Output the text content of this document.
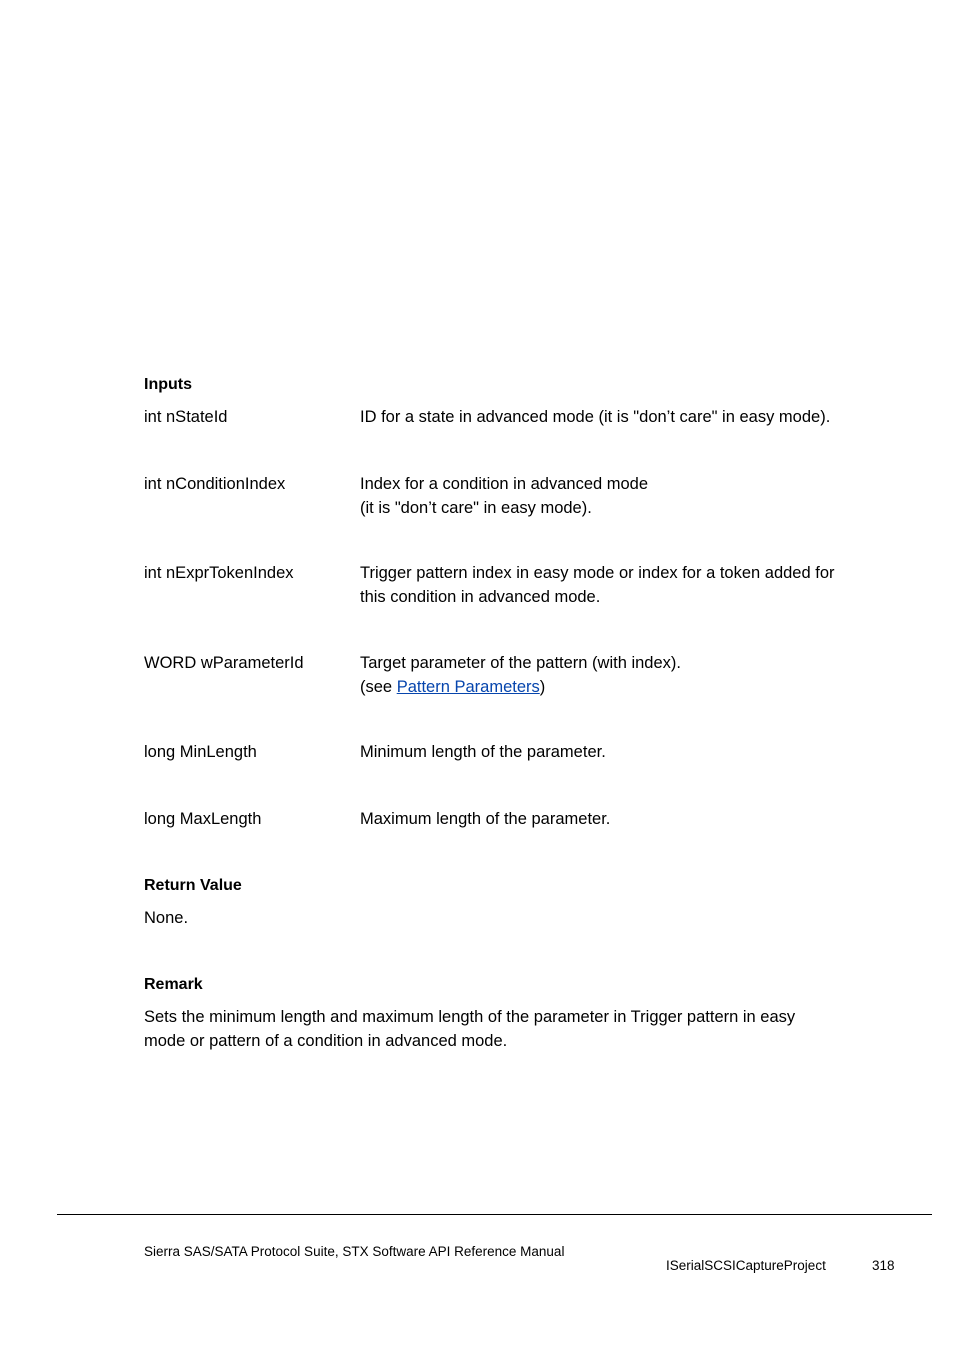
Inputs
int nStateId	ID for a state in advanced mode (it is "don’t care" in easy mode).
int nConditionIndex	Index for a condition in advanced mode
(it is "don’t care" in easy mode).
int nExprTokenIndex	Trigger pattern index in easy mode or index for a token added for
this condition in advanced mode.
WORD wParameterId	Target parameter of the pattern (with index).
(see Pattern Parameters)
long MinLength	Minimum length of the parameter.
long MaxLength	Maximum length of the parameter.
Return Value
None.
Remark
Sets the minimum length and maximum length of the parameter in Trigger pattern in easy
mode or pattern of a condition in advanced mode.
Sierra SAS/SATA Protocol Suite, STX Software API Reference Manual
ISerialSCSICaptureProject	318
